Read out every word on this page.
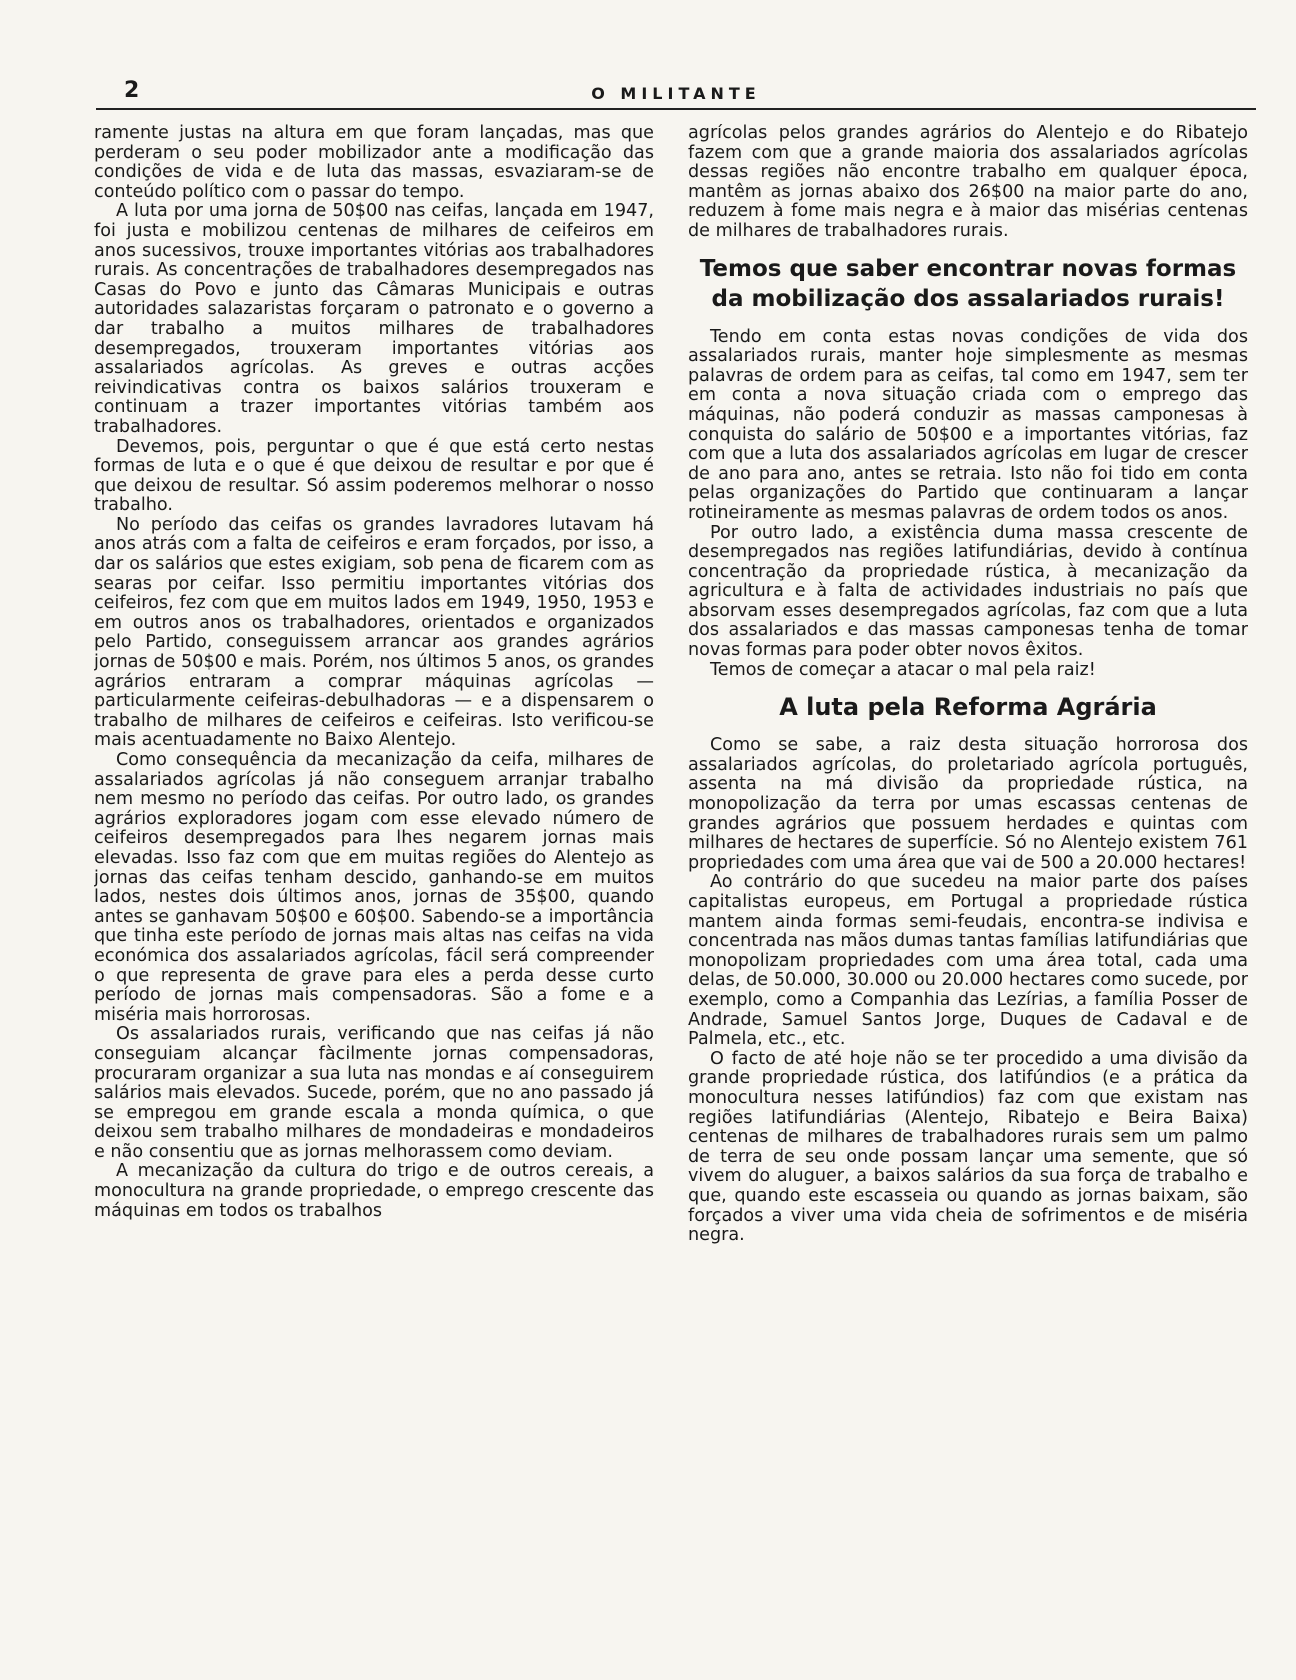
2	O MILITANTE

ramente justas na altura em que foram lançadas, mas que perderam o seu poder mobilizador ante a modificação das condições de vida e de luta das massas, esvaziaram-se de conteúdo político com o passar do tempo.

A luta por uma jorna de 50$00 nas ceifas, lançada em 1947, foi justa e mobilizou centenas de milhares de ceifeiros em anos sucessivos, trouxe importantes vitórias aos trabalhadores rurais. As concentrações de trabalhadores desempregados nas Casas do Povo e junto das Câmaras Municipais e outras autoridades salazaristas forçaram o patronato e o governo a dar trabalho a muitos milhares de trabalhadores desempregados, trouxeram importantes vitórias aos assalariados agrícolas. As greves e outras acções reivindicativas contra os baixos salários trouxeram e continuam a trazer importantes vitórias também aos trabalhadores.

Devemos, pois, perguntar o que é que está certo nestas formas de luta e o que é que deixou de resultar e por que é que deixou de resultar. Só assim poderemos melhorar o nosso trabalho.

No período das ceifas os grandes lavradores lutavam há anos atrás com a falta de ceifeiros e eram forçados, por isso, a dar os salários que estes exigiam, sob pena de ficarem com as searas por ceifar. Isso permitiu importantes vitórias dos ceifeiros, fez com que em muitos lados em 1949, 1950, 1953 e em outros anos os trabalhadores, orientados e organizados pelo Partido, conseguissem arrancar aos grandes agrários jornas de 50$00 e mais. Porém, nos últimos 5 anos, os grandes agrários entraram a comprar máquinas agrícolas — particularmente ceifeiras-debulhadoras — e a dispensarem o trabalho de milhares de ceifeiros e ceifeiras. Isto verificou-se mais acentuadamente no Baixo Alentejo.

Como consequência da mecanização da ceifa, milhares de assalariados agrícolas já não conseguem arranjar trabalho nem mesmo no período das ceifas. Por outro lado, os grandes agrários exploradores jogam com esse elevado número de ceifeiros desempregados para lhes negarem jornas mais elevadas. Isso faz com que em muitas regiões do Alentejo as jornas das ceifas tenham descido, ganhando-se em muitos lados, nestes dois últimos anos, jornas de 35$00, quando antes se ganhavam 50$00 e 60$00. Sabendo-se a importância que tinha este período de jornas mais altas nas ceifas na vida económica dos assalariados agrícolas, fácil será compreender o que representa de grave para eles a perda desse curto período de jornas mais compensadoras. São a fome e a miséria mais horrorosas.

Os assalariados rurais, verificando que nas ceifas já não conseguiam alcançar fàcilmente jornas compensadoras, procuraram organizar a sua luta nas mondas e aí conseguirem salários mais elevados. Sucede, porém, que no ano passado já se empregou em grande escala a monda química, o que deixou sem trabalho milhares de mondadeiras e mondadeiros e não consentiu que as jornas melhorassem como deviam.

A mecanização da cultura do trigo e de outros cereais, a monocultura na grande propriedade, o emprego crescente das máquinas em todos os trabalhos

agrícolas pelos grandes agrários do Alentejo e do Ribatejo fazem com que a grande maioria dos assalariados agrícolas dessas regiões não encontre trabalho em qualquer época, mantêm as jornas abaixo dos 26$00 na maior parte do ano, reduzem à fome mais negra e à maior das misérias centenas de milhares de trabalhadores rurais.

Temos que saber encontrar novas formas da mobilização dos assalariados rurais!

Tendo em conta estas novas condições de vida dos assalariados rurais, manter hoje simplesmente as mesmas palavras de ordem para as ceifas, tal como em 1947, sem ter em conta a nova situação criada com o emprego das máquinas, não poderá conduzir as massas camponesas à conquista do salário de 50$00 e a importantes vitórias, faz com que a luta dos assalariados agrícolas em lugar de crescer de ano para ano, antes se retraia. Isto não foi tido em conta pelas organizações do Partido que continuaram a lançar rotineiramente as mesmas palavras de ordem todos os anos.

Por outro lado, a existência duma massa crescente de desempregados nas regiões latifundiárias, devido à contínua concentração da propriedade rústica, à mecanização da agricultura e à falta de actividades industriais no país que absorvam esses desempregados agrícolas, faz com que a luta dos assalariados e das massas camponesas tenha de tomar novas formas para poder obter novos êxitos.

Temos de começar a atacar o mal pela raiz!

A luta pela Reforma Agrária

Como se sabe, a raiz desta situação horrorosa dos assalariados agrícolas, do proletariado agrícola português, assenta na má divisão da propriedade rústica, na monopolização da terra por umas escassas centenas de grandes agrários que possuem herdades e quintas com milhares de hectares de superfície. Só no Alentejo existem 761 propriedades com uma área que vai de 500 a 20.000 hectares!

Ao contrário do que sucedeu na maior parte dos países capitalistas europeus, em Portugal a propriedade rústica mantem ainda formas semi-feudais, encontra-se indivisa e concentrada nas mãos dumas tantas famílias latifundiárias que monopolizam propriedades com uma área total, cada uma delas, de 50.000, 30.000 ou 20.000 hectares como sucede, por exemplo, como a Companhia das Lezírias, a família Posser de Andrade, Samuel Santos Jorge, Duques de Cadaval e de Palmela, etc., etc.

O facto de até hoje não se ter procedido a uma divisão da grande propriedade rústica, dos latifúndios (e a prática da monocultura nesses latifúndios) faz com que existam nas regiões latifundiárias (Alentejo, Ribatejo e Beira Baixa) centenas de milhares de trabalhadores rurais sem um palmo de terra de seu onde possam lançar uma semente, que só vivem do aluguer, a baixos salários da sua força de trabalho e que, quando este escasseia ou quando as jornas baixam, são forçados a viver uma vida cheia de sofrimentos e de miséria negra.
